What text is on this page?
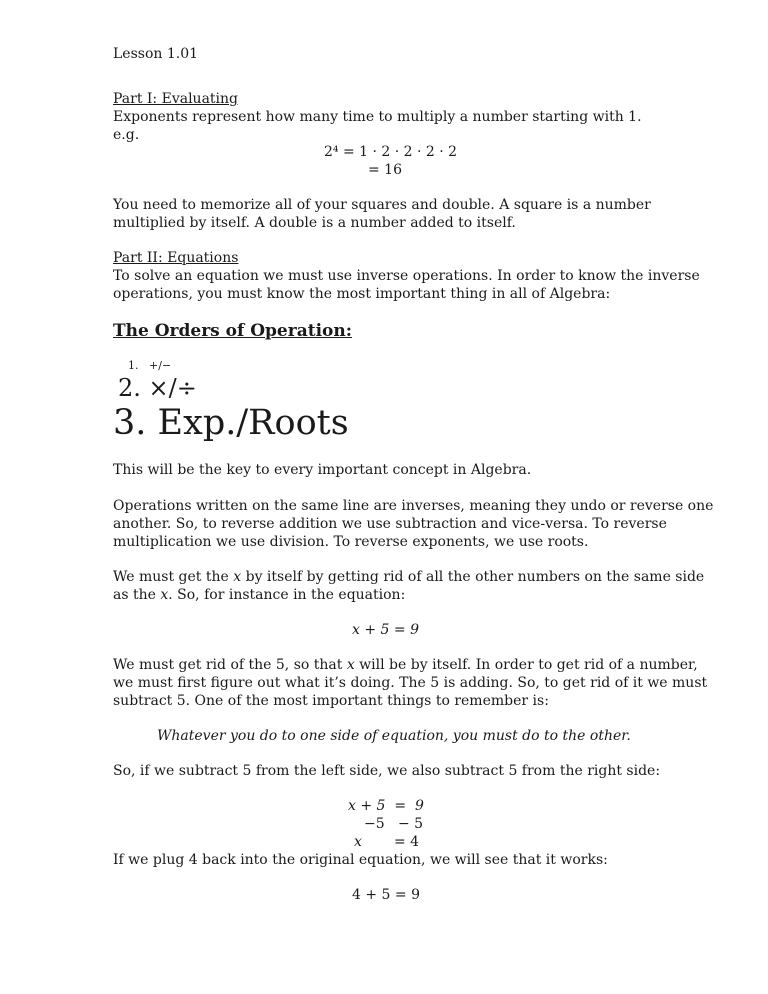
Lesson 1.01
Part I: Evaluating
Exponents represent how many time to multiply a number starting with 1.
e.g.
2⁴ = 1 · 2 · 2 · 2 · 2
= 16
You need to memorize all of your squares and double. A square is a number
multiplied by itself. A double is a number added to itself.
Part II: Equations
To solve an equation we must use inverse operations. In order to know the inverse
operations, you must know the most important thing in all of Algebra:
The Orders of Operation:
1. +/−
2. ×/÷
3. Exp./Roots
This will be the key to every important concept in Algebra.
Operations written on the same line are inverses, meaning they undo or reverse one
another. So, to reverse addition we use subtraction and vice-versa. To reverse
multiplication we use division. To reverse exponents, we use roots.
We must get the x by itself by getting rid of all the other numbers on the same side
as the x. So, for instance in the equation:
x + 5 = 9
We must get rid of the 5, so that x will be by itself. In order to get rid of a number,
we must first figure out what it’s doing. The 5 is adding. So, to get rid of it we must
subtract 5. One of the most important things to remember is:
Whatever you do to one side of equation, you must do to the other.
So, if we subtract 5 from the left side, we also subtract 5 from the right side:
x + 5  =  9
−5   − 5
x = 4
If we plug 4 back into the original equation, we will see that it works:
4 + 5 = 9
